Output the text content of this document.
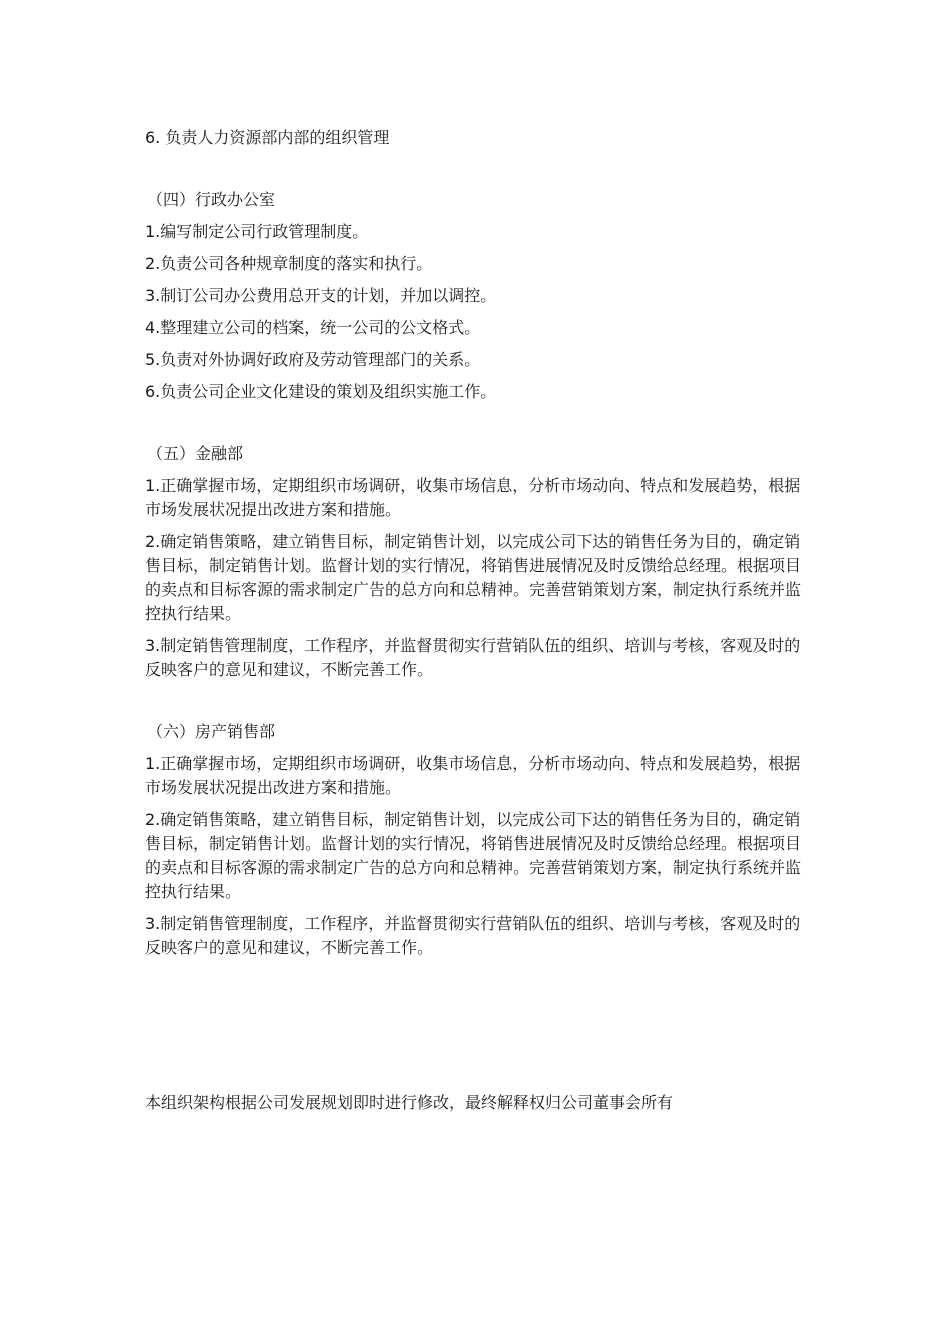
6. 负责人力资源部内部的组织管理

（四）行政办公室

1.编写制定公司行政管理制度。

2.负责公司各种规章制度的落实和执行。

3.制订公司办公费用总开支的计划，并加以调控。

4.整理建立公司的档案，统一公司的公文格式。

5.负责对外协调好政府及劳动管理部门的关系。

6.负责公司企业文化建设的策划及组织实施工作。

（五）金融部

1.正确掌握市场，定期组织市场调研，收集市场信息，分析市场动向、特点和发展趋势，根据市场发展状况提出改进方案和措施。

2.确定销售策略，建立销售目标，制定销售计划，以完成公司下达的销售任务为目的，确定销售目标，制定销售计划。监督计划的实行情况，将销售进展情况及时反馈给总经理。根据项目的卖点和目标客源的需求制定广告的总方向和总精神。完善营销策划方案，制定执行系统并监控执行结果。

3.制定销售管理制度，工作程序，并监督贯彻实行营销队伍的组织、培训与考核，客观及时的反映客户的意见和建议，不断完善工作。

（六）房产销售部

1.正确掌握市场，定期组织市场调研，收集市场信息，分析市场动向、特点和发展趋势，根据市场发展状况提出改进方案和措施。

2.确定销售策略，建立销售目标，制定销售计划，以完成公司下达的销售任务为目的，确定销售目标，制定销售计划。监督计划的实行情况，将销售进展情况及时反馈给总经理。根据项目的卖点和目标客源的需求制定广告的总方向和总精神。完善营销策划方案，制定执行系统并监控执行结果。

3.制定销售管理制度，工作程序，并监督贯彻实行营销队伍的组织、培训与考核，客观及时的反映客户的意见和建议，不断完善工作。

本组织架构根据公司发展规划即时进行修改，最终解释权归公司董事会所有
